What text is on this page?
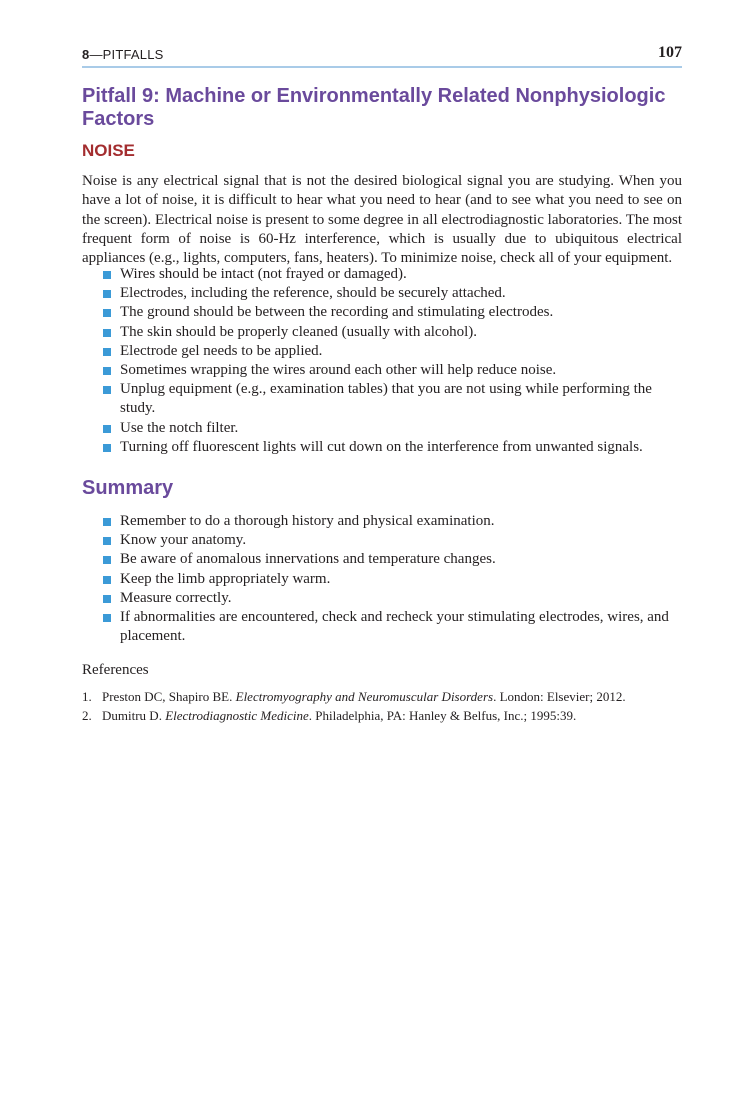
8—PITFALLS	107
Pitfall 9: Machine or Environmentally Related Nonphysiologic Factors
NOISE

Noise is any electrical signal that is not the desired biological signal you are studying. When you have a lot of noise, it is difficult to hear what you need to hear (and to see what you need to see on the screen). Electrical noise is present to some degree in all electrodiagnostic laboratories. The most frequent form of noise is 60-Hz interference, which is usually due to ubiquitous electrical appliances (e.g., lights, computers, fans, heaters). To minimize noise, check all of your equipment.

Wires should be intact (not frayed or damaged).
Electrodes, including the reference, should be securely attached.
The ground should be between the recording and stimulating electrodes.
The skin should be properly cleaned (usually with alcohol).
Electrode gel needs to be applied.
Sometimes wrapping the wires around each other will help reduce noise.
Unplug equipment (e.g., examination tables) that you are not using while performing the study.
Use the notch filter.
Turning off fluorescent lights will cut down on the interference from unwanted signals.
Summary
Remember to do a thorough history and physical examination.
Know your anatomy.
Be aware of anomalous innervations and temperature changes.
Keep the limb appropriately warm.
Measure correctly.
If abnormalities are encountered, check and recheck your stimulating electrodes, wires, and placement.
References
1. Preston DC, Shapiro BE. Electromyography and Neuromuscular Disorders. London: Elsevier; 2012.
2. Dumitru D. Electrodiagnostic Medicine. Philadelphia, PA: Hanley & Belfus, Inc.; 1995:39.
